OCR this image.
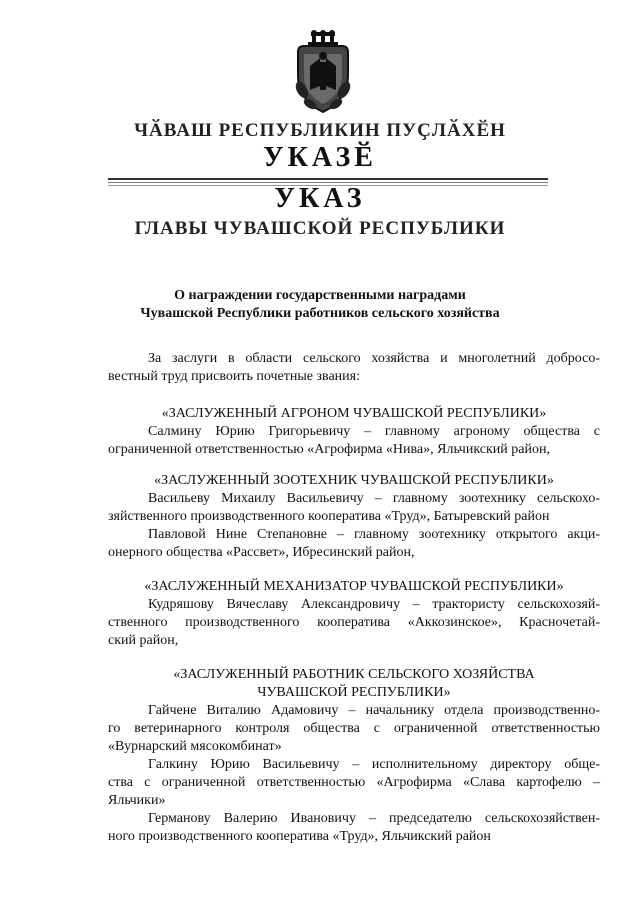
ЧӐВАШ РЕСПУБЛИКИН ПУҪЛӐХӖН
УКАЗӖ
УКАЗ
ГЛАВЫ ЧУВАШСКОЙ РЕСПУБЛИКИ
О награждении государственными наградами
Чувашской Республики работников сельского хозяйства
За заслуги в области сельского хозяйства и многолетний добросо-
вестный труд присвоить почетные звания:
«ЗАСЛУЖЕННЫЙ АГРОНОМ ЧУВАШСКОЙ РЕСПУБЛИКИ»
Салмину Юрию Григорьевичу – главному агроному общества с
ограниченной ответственностью «Агрофирма «Нива», Яльчикский район,
«ЗАСЛУЖЕННЫЙ ЗООТЕХНИК ЧУВАШСКОЙ РЕСПУБЛИКИ»
Васильеву Михаилу Васильевичу – главному зоотехнику сельскохо-
зяйственного производственного кооператива «Труд», Батыревский район
Павловой Нине Степановне – главному зоотехнику открытого акци-
онерного общества «Рассвет», Ибресинский район,
«ЗАСЛУЖЕННЫЙ МЕХАНИЗАТОР ЧУВАШСКОЙ РЕСПУБЛИКИ»
Кудряшову Вячеславу Александровичу – трактористу сельскохозяй-
ственного производственного кооператива «Аккозинское», Красночетай-
ский район,
«ЗАСЛУЖЕННЫЙ РАБОТНИК СЕЛЬСКОГО ХОЗЯЙСТВА
ЧУВАШСКОЙ РЕСПУБЛИКИ»
Гайчене Виталию Адамовичу – начальнику отдела производственно-
го ветеринарного контроля общества с ограниченной ответственностью
«Вурнарский мясокомбинат»
Галкину Юрию Васильевичу – исполнительному директору обще-
ства с ограниченной ответственностью «Агрофирма «Слава картофелю –
Яльчики»
Германову Валерию Ивановичу – председателю сельскохозяйствен-
ного производственного кооператива «Труд», Яльчикский район
